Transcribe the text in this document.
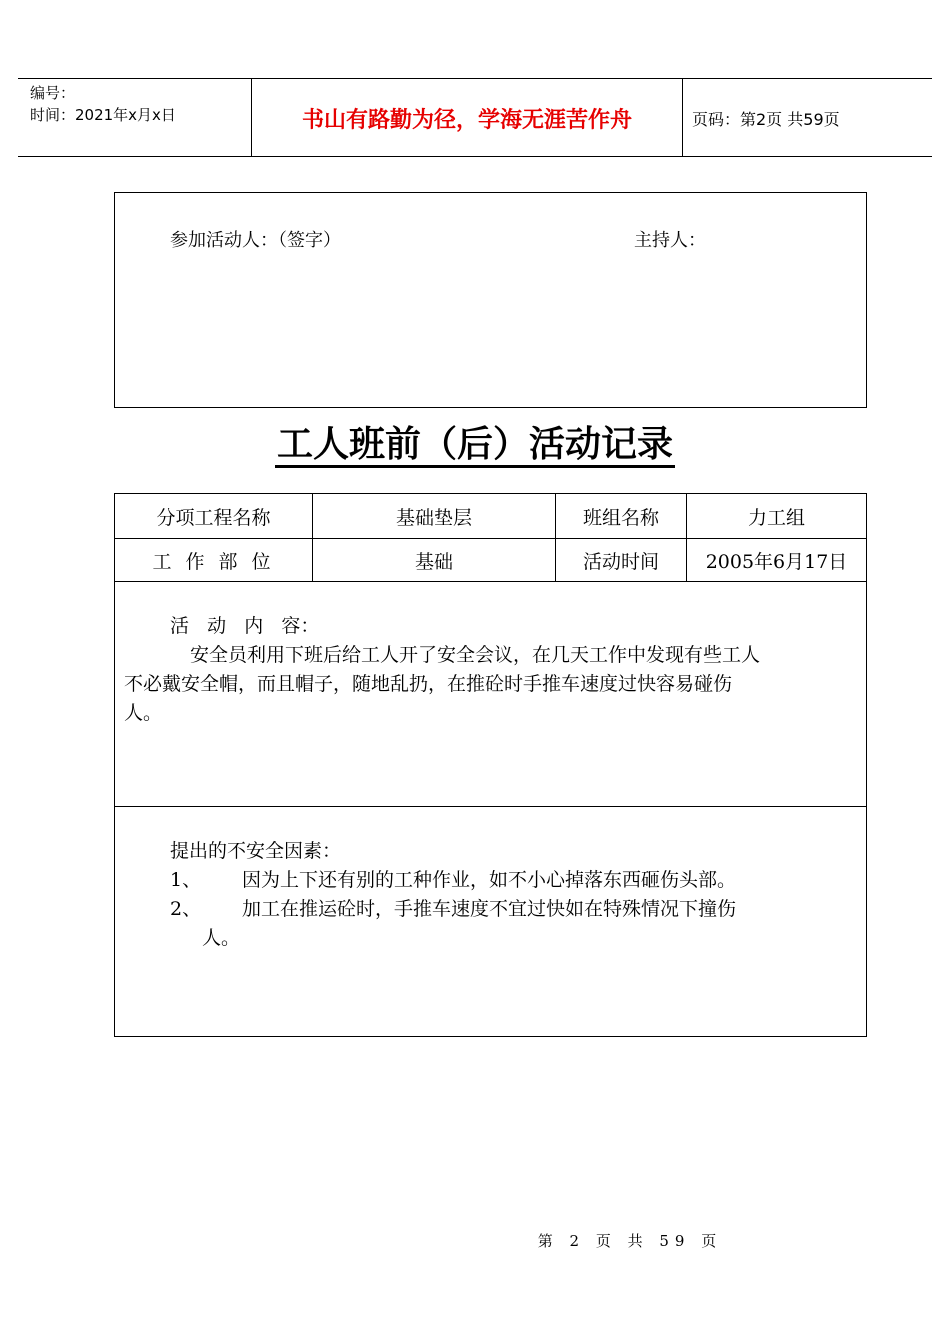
编号：
时间：2021年x月x日	书山有路勤为径，学海无涯苦作舟	页码：第2页 共59页
参加活动人：（签字）	主持人：
工人班前（后）活动记录
分项工程名称	基础垫层	班组名称	力工组
工 作 部 位	基础	活动时间	2005年6月17日
活   动   内   容：
安全员利用下班后给工人开了安全会议，在几天工作中发现有些工人
不必戴安全帽，而且帽子，随地乱扔，在推砼时手推车速度过快容易碰伤
人。
提出的不安全因素：
1、 因为上下还有别的工种作业，如不小心掉落东西砸伤头部。
2、 加工在推运砼时，手推车速度不宜过快如在特殊情况下撞伤
人。
第 2 页 共 59 页
